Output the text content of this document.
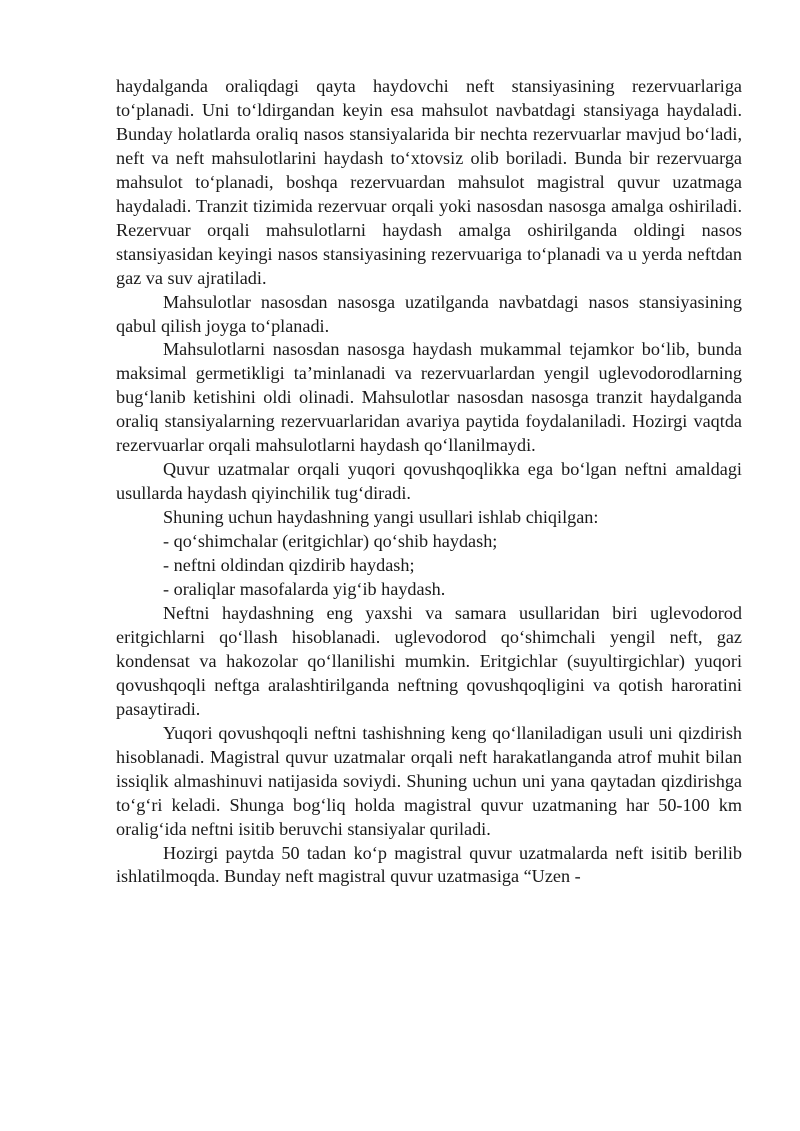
haydalganda oraliqdagi qayta haydovchi neft stansiyasining rezervuarlariga to‘planadi. Uni to‘ldirgandan keyin esa mahsulot navbatdagi stansiyaga haydaladi. Bunday holatlarda oraliq nasos stansiyalarida bir nechta rezervuarlar mavjud bo‘ladi, neft va neft mahsulotlarini haydash to‘xtovsiz olib boriladi. Bunda bir rezervuarga mahsulot to‘planadi, boshqa rezervuardan mahsulot magistral quvur uzatmaga haydaladi. Tranzit tizimida rezervuar orqali yoki nasosdan nasosga amalga oshiriladi. Rezervuar orqali mahsulotlarni haydash amalga oshirilganda oldingi nasos stansiyasidan keyingi nasos stansiyasining rezervuariga to‘planadi va u yerda neftdan gaz va suv ajratiladi.

Mahsulotlar nasosdan nasosga uzatilganda navbatdagi nasos stansiyasining qabul qilish joyga to‘planadi.

Mahsulotlarni nasosdan nasosga haydash mukammal tejamkor bo‘lib, bunda maksimal germetikligi ta’minlanadi va rezervuarlardan yengil uglevodorodlarning bug‘lanib ketishini oldi olinadi. Mahsulotlar nasosdan nasosga tranzit haydalganda oraliq stansiyalarning rezervuarlaridan avariya paytida foydalaniladi. Hozirgi vaqtda rezervuarlar orqali mahsulotlarni haydash qo‘llanilmaydi.

Quvur uzatmalar orqali yuqori qovushqoqlikka ega bo‘lgan neftni amaldagi usullarda haydash qiyinchilik tug‘diradi.

Shuning uchun haydashning yangi usullari ishlab chiqilgan:

- qo‘shimchalar (eritgichlar) qo‘shib haydash;

- neftni oldindan qizdirib haydash;

- oraliqlar masofalarda yig‘ib haydash.

Neftni haydashning eng yaxshi va samara usullaridan biri uglevodorod eritgichlarni qo‘llash hisoblanadi. uglevodorod qo‘shimchali yengil neft, gaz kondensat va hakozolar qo‘llanilishi mumkin. Eritgichlar (suyultirgichlar) yuqori qovushqoqli neftga aralashtirilganda neftning qovushqoqligini va qotish haroratini pasaytiradi.

Yuqori qovushqoqli neftni tashishning keng qo‘llaniladigan usuli uni qizdirish hisoblanadi. Magistral quvur uzatmalar orqali neft harakatlanganda atrof muhit bilan issiqlik almashinuvi natijasida soviydi. Shuning uchun uni yana qaytadan qizdirishga to‘g‘ri keladi. Shunga bog‘liq holda magistral quvur uzatmaning har 50-100 km oralig‘ida neftni isitib beruvchi stansiyalar quriladi.

Hozirgi paytda 50 tadan ko‘p magistral quvur uzatmalarda neft isitib berilib ishlatilmoqda. Bunday neft magistral quvur uzatmasiga “Uzen -
